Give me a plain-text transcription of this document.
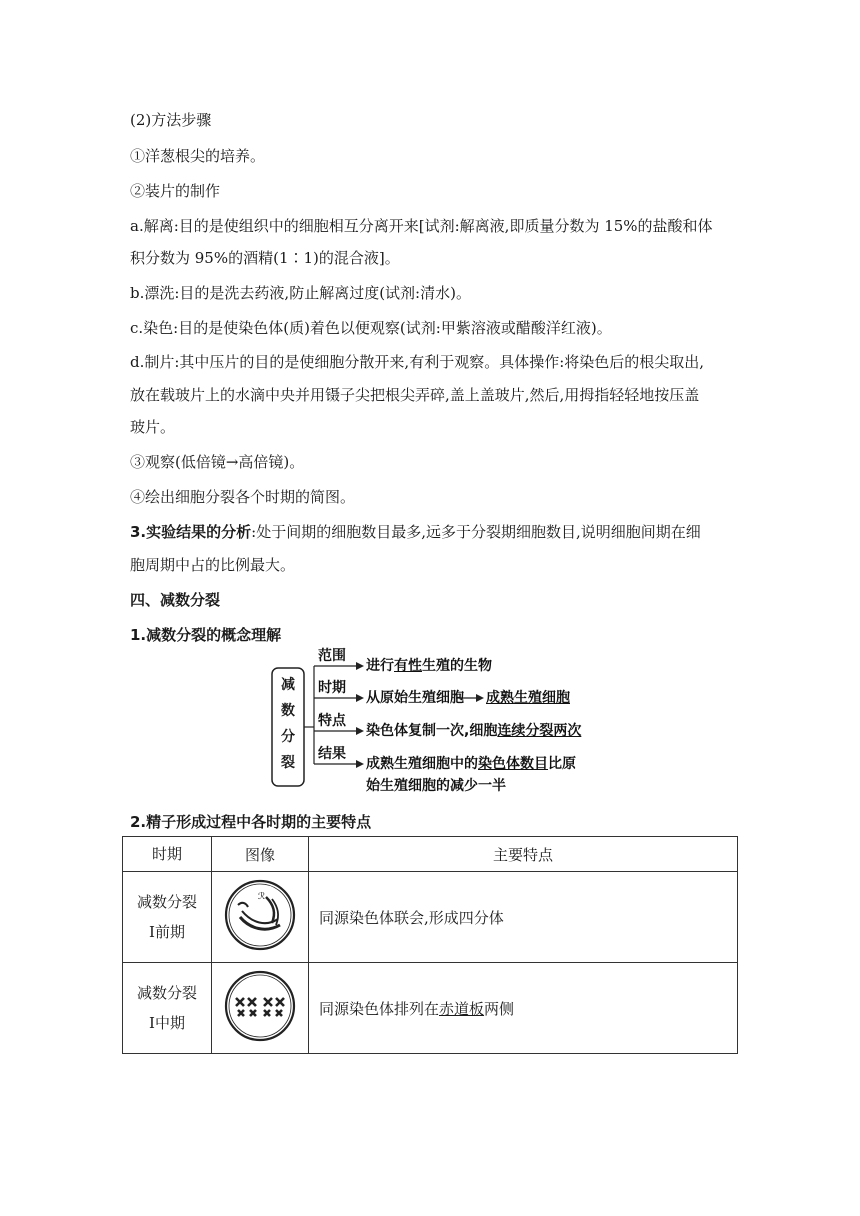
(2)方法步骤
①洋葱根尖的培养。
②装片的制作
a.解离:目的是使组织中的细胞相互分离开来[试剂:解离液,即质量分数为 15%的盐酸和体
积分数为 95%的酒精(1∶1)的混合液]。
b.漂洗:目的是洗去药液,防止解离过度(试剂:清水)。
c.染色:目的是使染色体(质)着色以便观察(试剂:甲紫溶液或醋酸洋红液)。
d.制片:其中压片的目的是使细胞分散开来,有利于观察。具体操作:将染色后的根尖取出,
放在载玻片上的水滴中央并用镊子尖把根尖弄碎,盖上盖玻片,然后,用拇指轻轻地按压盖
玻片。
③观察(低倍镜→高倍镜)。
④绘出细胞分裂各个时期的简图。
3.实验结果的分析:处于间期的细胞数目最多,远多于分裂期细胞数目,说明细胞间期在细
胞周期中占的比例最大。
四、减数分裂
1.减数分裂的概念理解
减
数
分
裂
范围
时期
特点
结果
进行有性生殖的生物
从原始生殖细胞 成熟生殖细胞
染色体复制一次,细胞连续分裂两次
成熟生殖细胞中的染色体数目比原
始生殖细胞的减少一半
2.精子形成过程中各时期的主要特点
时期	图像	主要特点

减数分裂
Ⅰ前期	ℛ	同源染色体联会,形成四分体

减数分裂
Ⅰ中期		同源染色体排列在赤道板两侧
